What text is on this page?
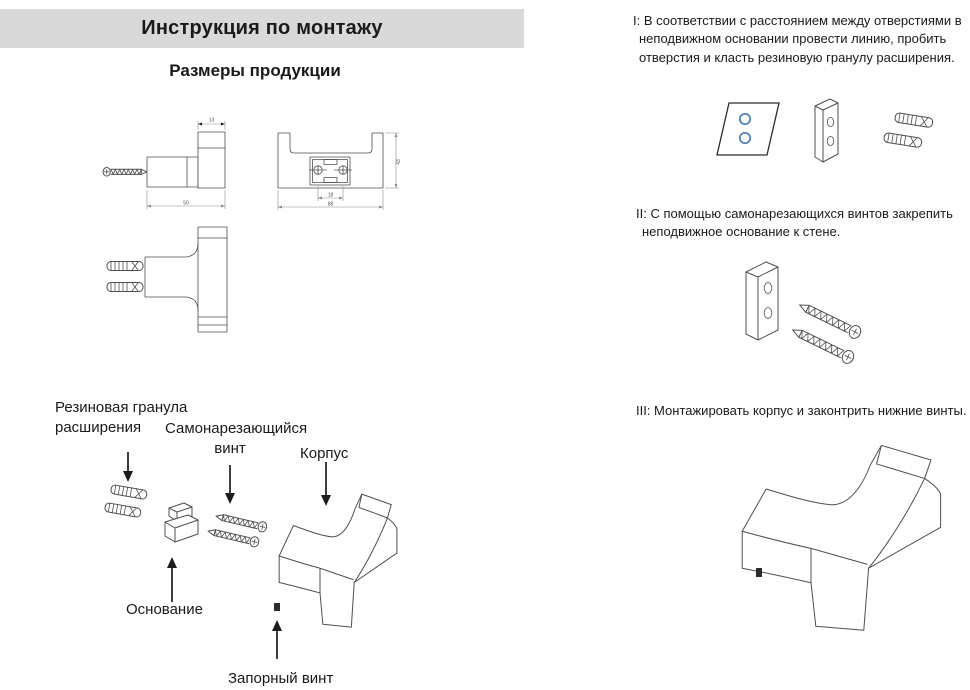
Инструкция по монтажу
Размеры продукции
13
50
43
18
88
Резиновая гранула расширения	Самонарезающийся винт	Корпус
Основание
Запорный винт
I: В соответствии с расстоянием между отверстиями в неподвижном основании провести линию, пробить отверстия и класть резиновую гранулу расширения.
II: С помощью самонарезающихся винтов закрепить неподвижное основание к стене.
III: Монтажировать корпус и законтрить нижние винты.
